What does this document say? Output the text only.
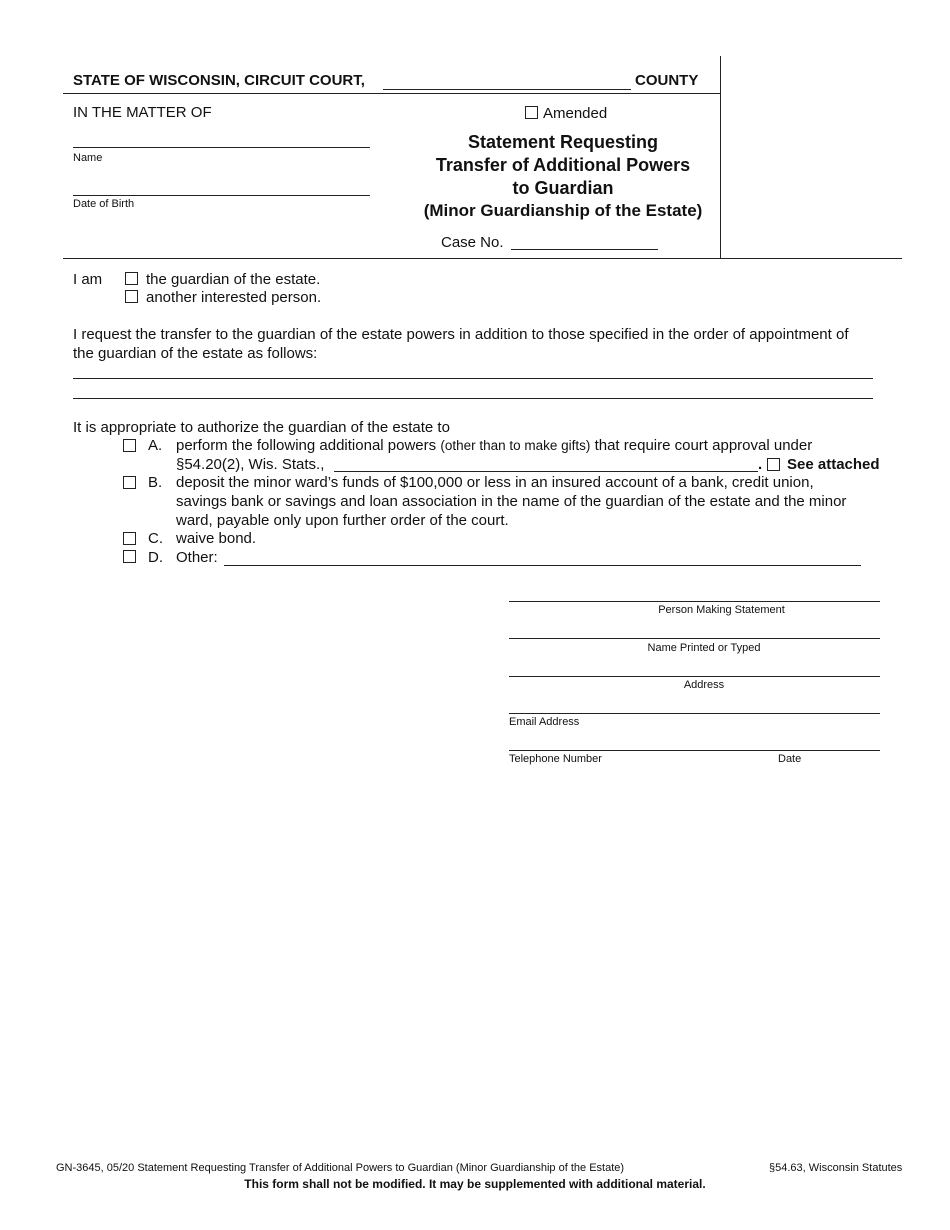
STATE OF WISCONSIN, CIRCUIT COURT,	COUNTY
IN THE MATTER OF
Name
Date of Birth
Amended
Statement Requesting
Transfer of Additional Powers
to Guardian
(Minor Guardianship of the Estate)
Case No.
I am	the guardian of the estate.
another interested person.
I request the transfer to the guardian of the estate powers in addition to those specified in the order of appointment of
the guardian of the estate as follows:
It is appropriate to authorize the guardian of the estate to
A. perform the following additional powers (other than to make gifts) that require court approval under
§54.20(2), Wis. Stats.,	. See attached
B. deposit the minor ward’s funds of $100,000 or less in an insured account of a bank, credit union,
savings bank or savings and loan association in the name of the guardian of the estate and the minor
ward, payable only upon further order of the court.
C. waive bond.
D. Other:
Person Making Statement
Name Printed or Typed
Address
Email Address
Telephone Number	Date
GN-3645, 05/20 Statement Requesting Transfer of Additional Powers to Guardian (Minor Guardianship of the Estate)	§54.63, Wisconsin Statutes
This form shall not be modified. It may be supplemented with additional material.
